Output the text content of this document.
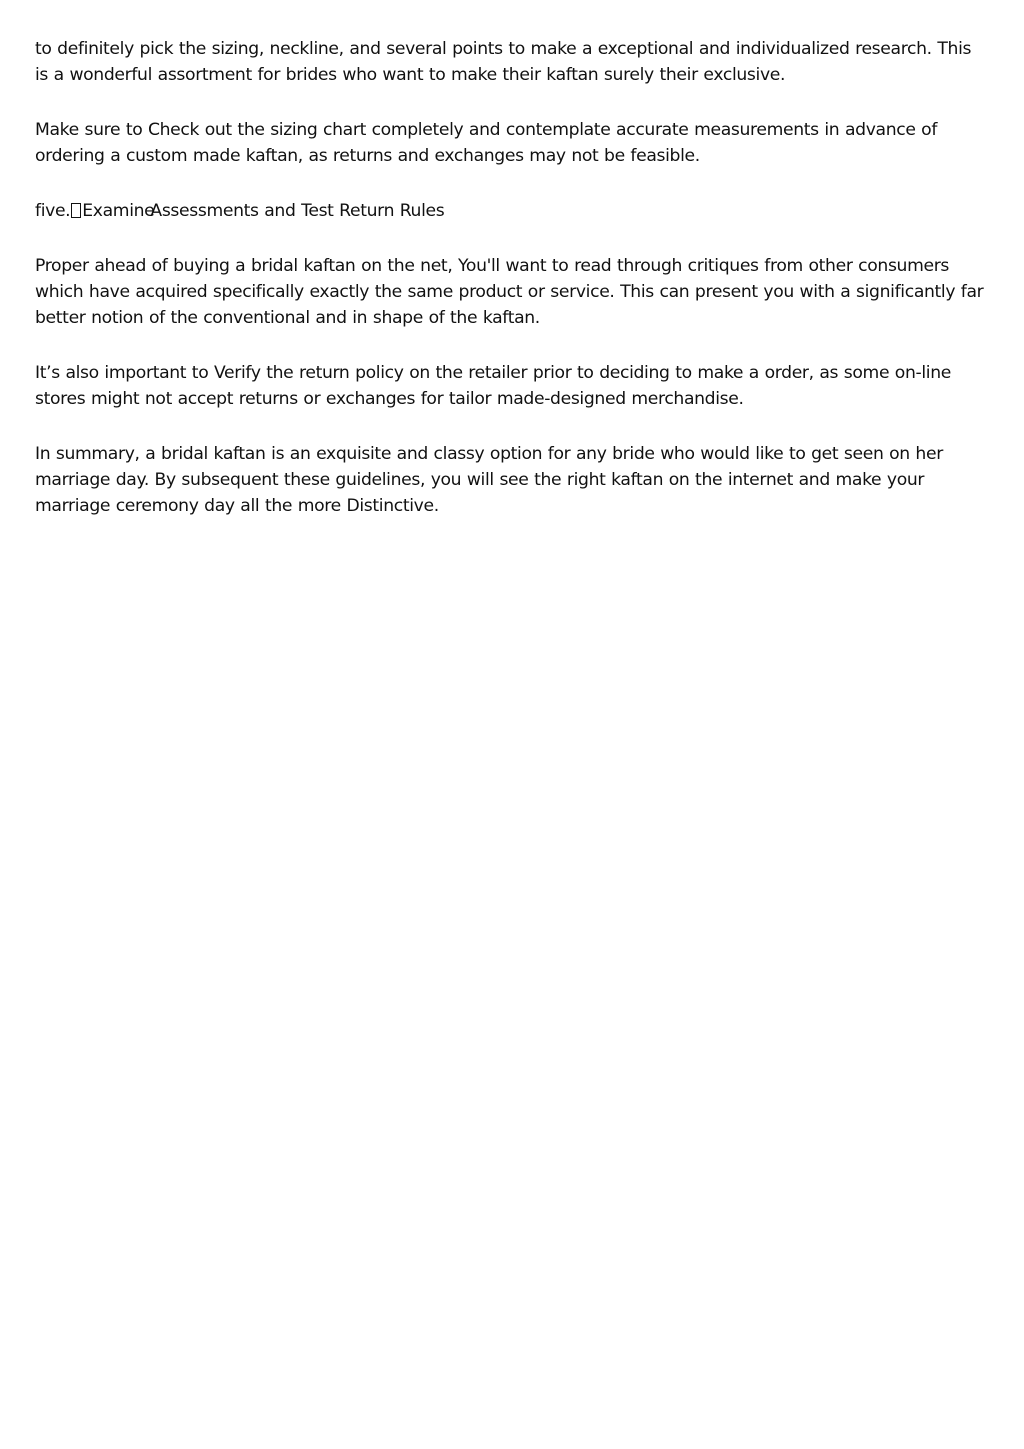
to definitely pick the sizing, neckline, and several points to make a exceptional and individualized research. This is a wonderful assortment for brides who want to make their kaftan surely their exclusive.

Make sure to Check out the sizing chart completely and contemplate accurate measurements in advance of ordering a custom made kaftan, as returns and exchanges may not be feasible.

five. ExamineAssessments and Test Return Rules

Proper ahead of buying a bridal kaftan on the net, You'll want to read through critiques from other consumers which have acquired specifically exactly the same product or service. This can present you with a significantly far better notion of the conventional and in shape of the kaftan.

It’s also important to Verify the return policy on the retailer prior to deciding to make a order, as some on-line stores might not accept returns or exchanges for tailor made-designed merchandise.

In summary, a bridal kaftan is an exquisite and classy option for any bride who would like to get seen on her marriage day. By subsequent these guidelines, you will see the right kaftan on the internet and make your marriage ceremony day all the more Distinctive.
